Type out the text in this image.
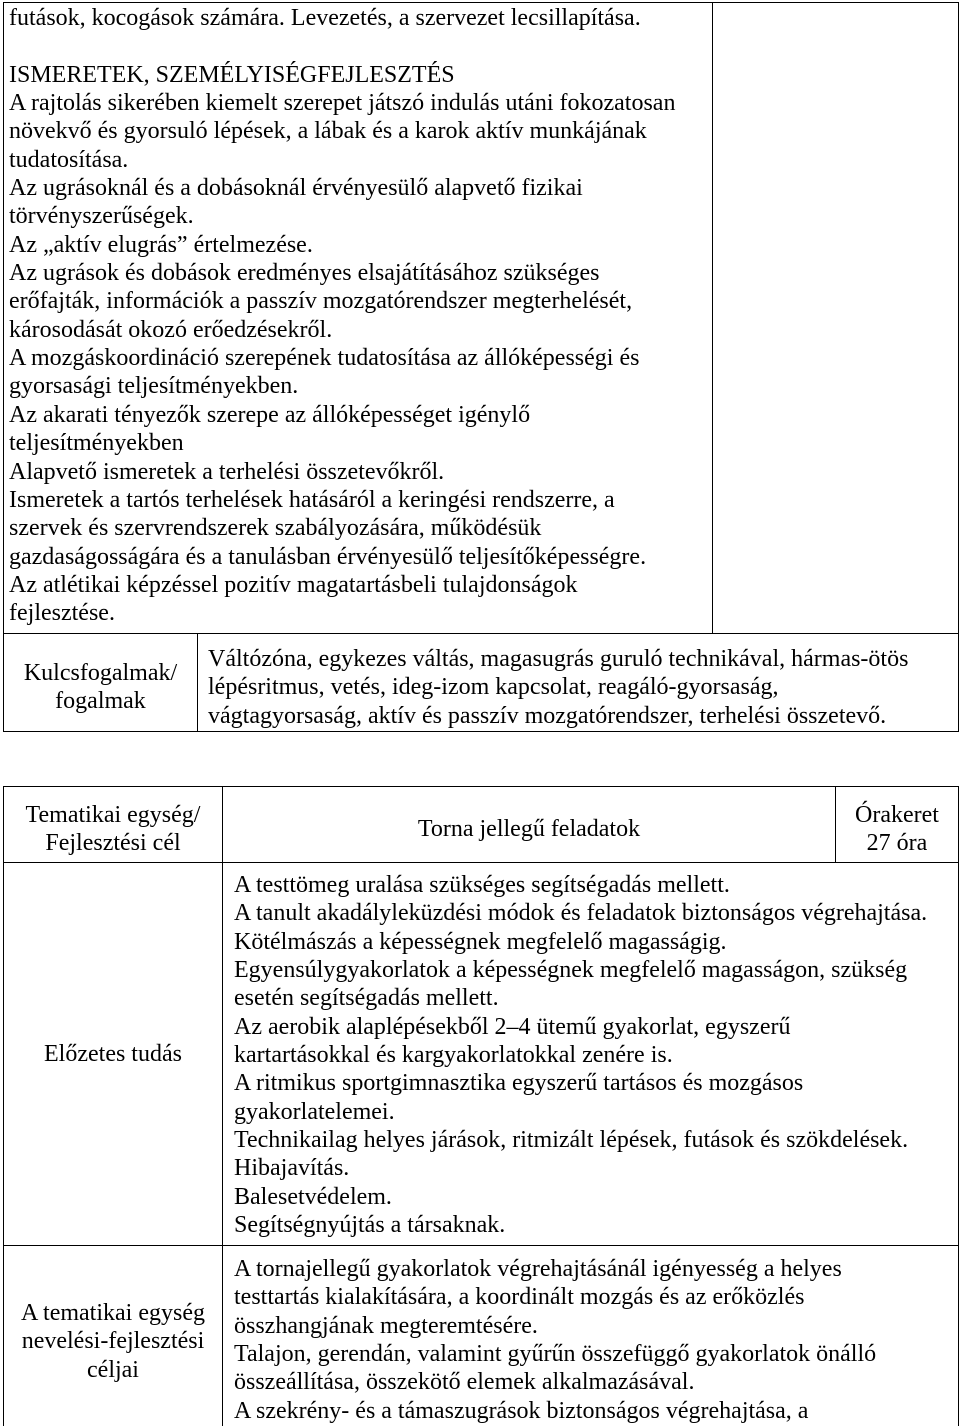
futások, kocogások számára. Levezetés, a szervezet lecsillapítása.
ISMERETEK, SZEMÉLYISÉGFEJLESZTÉS
A rajtolás sikerében kiemelt szerepet játszó indulás utáni fokozatosan
növekvő és gyorsuló lépések, a lábak és a karok aktív munkájának
tudatosítása.
Az ugrásoknál és a dobásoknál érvényesülő alapvető fizikai
törvényszerűségek.
Az „aktív elugrás” értelmezése.
Az ugrások és dobások eredményes elsajátításához szükséges
erőfajták, információk a passzív mozgatórendszer megterhelését,
károsodását okozó erőedzésekről.
A mozgáskoordináció szerepének tudatosítása az állóképességi és
gyorsasági teljesítményekben.
Az akarati tényezők szerepe az állóképességet igénylő
teljesítményekben
Alapvető ismeretek a terhelési összetevőkről.
Ismeretek a tartós terhelések hatásáról a keringési rendszerre, a
szervek és szervrendszerek szabályozására, működésük
gazdaságosságára és a tanulásban érvényesülő teljesítőképességre.
Az atlétikai képzéssel pozitív magatartásbeli tulajdonságok
fejlesztése.
Kulcsfogalmak/
fogalmak
Váltózóna, egykezes váltás, magasugrás guruló technikával, hármas-ötös
lépésritmus, vetés, ideg-izom kapcsolat, reagáló-gyorsaság,
vágtagyorsaság, aktív és passzív mozgatórendszer, terhelési összetevő.
Tematikai egység/
Fejlesztési cél
Torna jellegű feladatok
Órakeret
27 óra
Előzetes tudás
A testtömeg uralása szükséges segítségadás mellett.
A tanult akadályleküzdési módok és feladatok biztonságos végrehajtása.
Kötélmászás a képességnek megfelelő magasságig.
Egyensúlygyakorlatok a képességnek megfelelő magasságon, szükség
esetén segítségadás mellett.
Az aerobik alaplépésekből 2–4 ütemű gyakorlat, egyszerű
kartartásokkal és kargyakorlatokkal zenére is.
A ritmikus sportgimnasztika egyszerű tartásos és mozgásos
gyakorlatelemei.
Technikailag helyes járások, ritmizált lépések, futások és szökdelések.
Hibajavítás.
Balesetvédelem.
Segítségnyújtás a társaknak.
A tematikai egység
nevelési-fejlesztési
céljai
A tornajellegű gyakorlatok végrehajtásánál igényesség a helyes
testtartás kialakítására, a koordinált mozgás és az erőközlés
összhangjának megteremtésére.
Talajon, gerendán, valamint gyűrűn összefüggő gyakorlatok önálló
összeállítása, összekötő elemek alkalmazásával.
A szekrény- és a támaszugrások biztonságos végrehajtása, a
